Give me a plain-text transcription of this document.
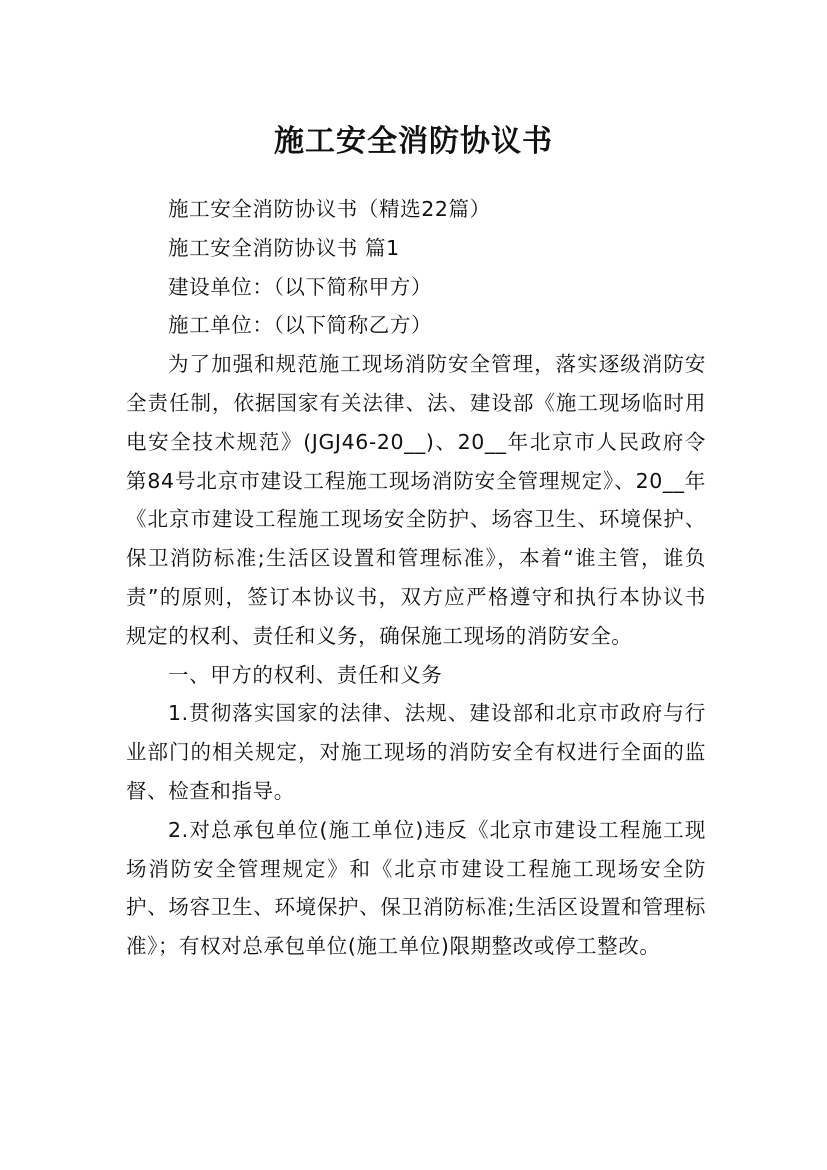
施工安全消防协议书

施工安全消防协议书（精选22篇）

施工安全消防协议书 篇1

建设单位：（以下简称甲方）

施工单位：（以下简称乙方）

为了加强和规范施工现场消防安全管理，落实逐级消防安全责任制，依据国家有关法律、法、建设部《施工现场临时用电安全技术规范》(JGJ46-20__)、20__年北京市人民政府令第84号北京市建设工程施工现场消防安全管理规定》、20__年《北京市建设工程施工现场安全防护、场容卫生、环境保护、保卫消防标准;生活区设置和管理标准》，本着“谁主管，谁负责”的原则，签订本协议书，双方应严格遵守和执行本协议书规定的权利、责任和义务，确保施工现场的消防安全。

一、甲方的权利、责任和义务

1.贯彻落实国家的法律、法规、建设部和北京市政府与行业部门的相关规定，对施工现场的消防安全有权进行全面的监督、检查和指导。

2.对总承包单位(施工单位)违反《北京市建设工程施工现场消防安全管理规定》和《北京市建设工程施工现场安全防护、场容卫生、环境保护、保卫消防标准;生活区设置和管理标准》；有权对总承包单位(施工单位)限期整改或停工整改。
